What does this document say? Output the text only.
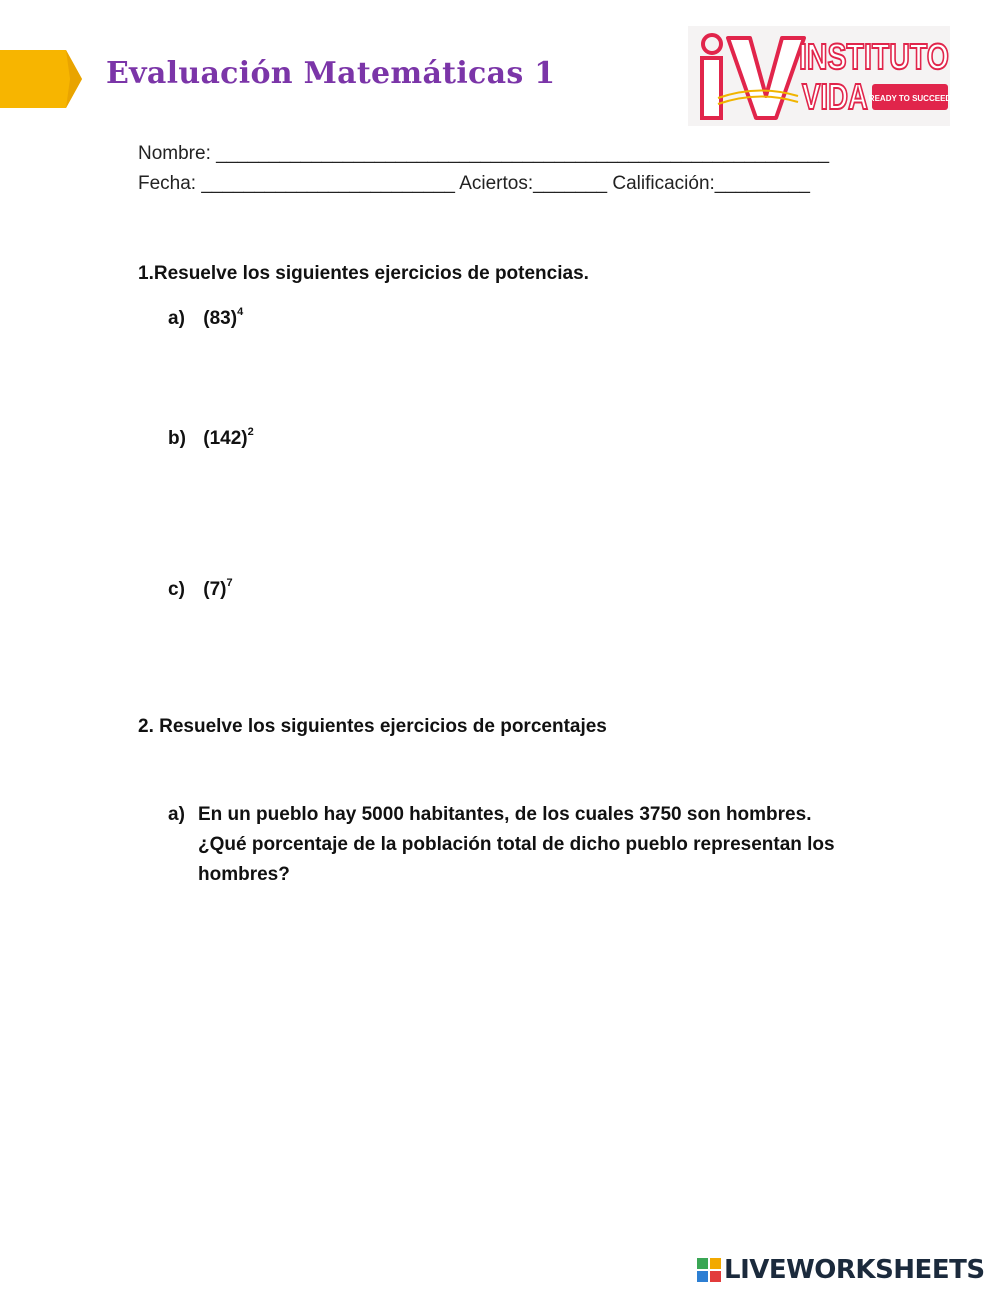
Evaluación Matemáticas 1	INSTITUTO
VIDA READY TO SUCCEED
Nombre: __________________________________________________________
Fecha: ________________________ Aciertos:_______ Calificación:_________
1.Resuelve los siguientes ejercicios de potencias.
a) $(83)^4$
b) $(142)^2$
c) $(7)^7$
2. Resuelve los siguientes ejercicios de porcentajes
a) En un pueblo hay 5000 habitantes, de los cuales 3750 son hombres. ¿Qué porcentaje de la población total de dicho pueblo representan los hombres?
LIVEWORKSHEETS
